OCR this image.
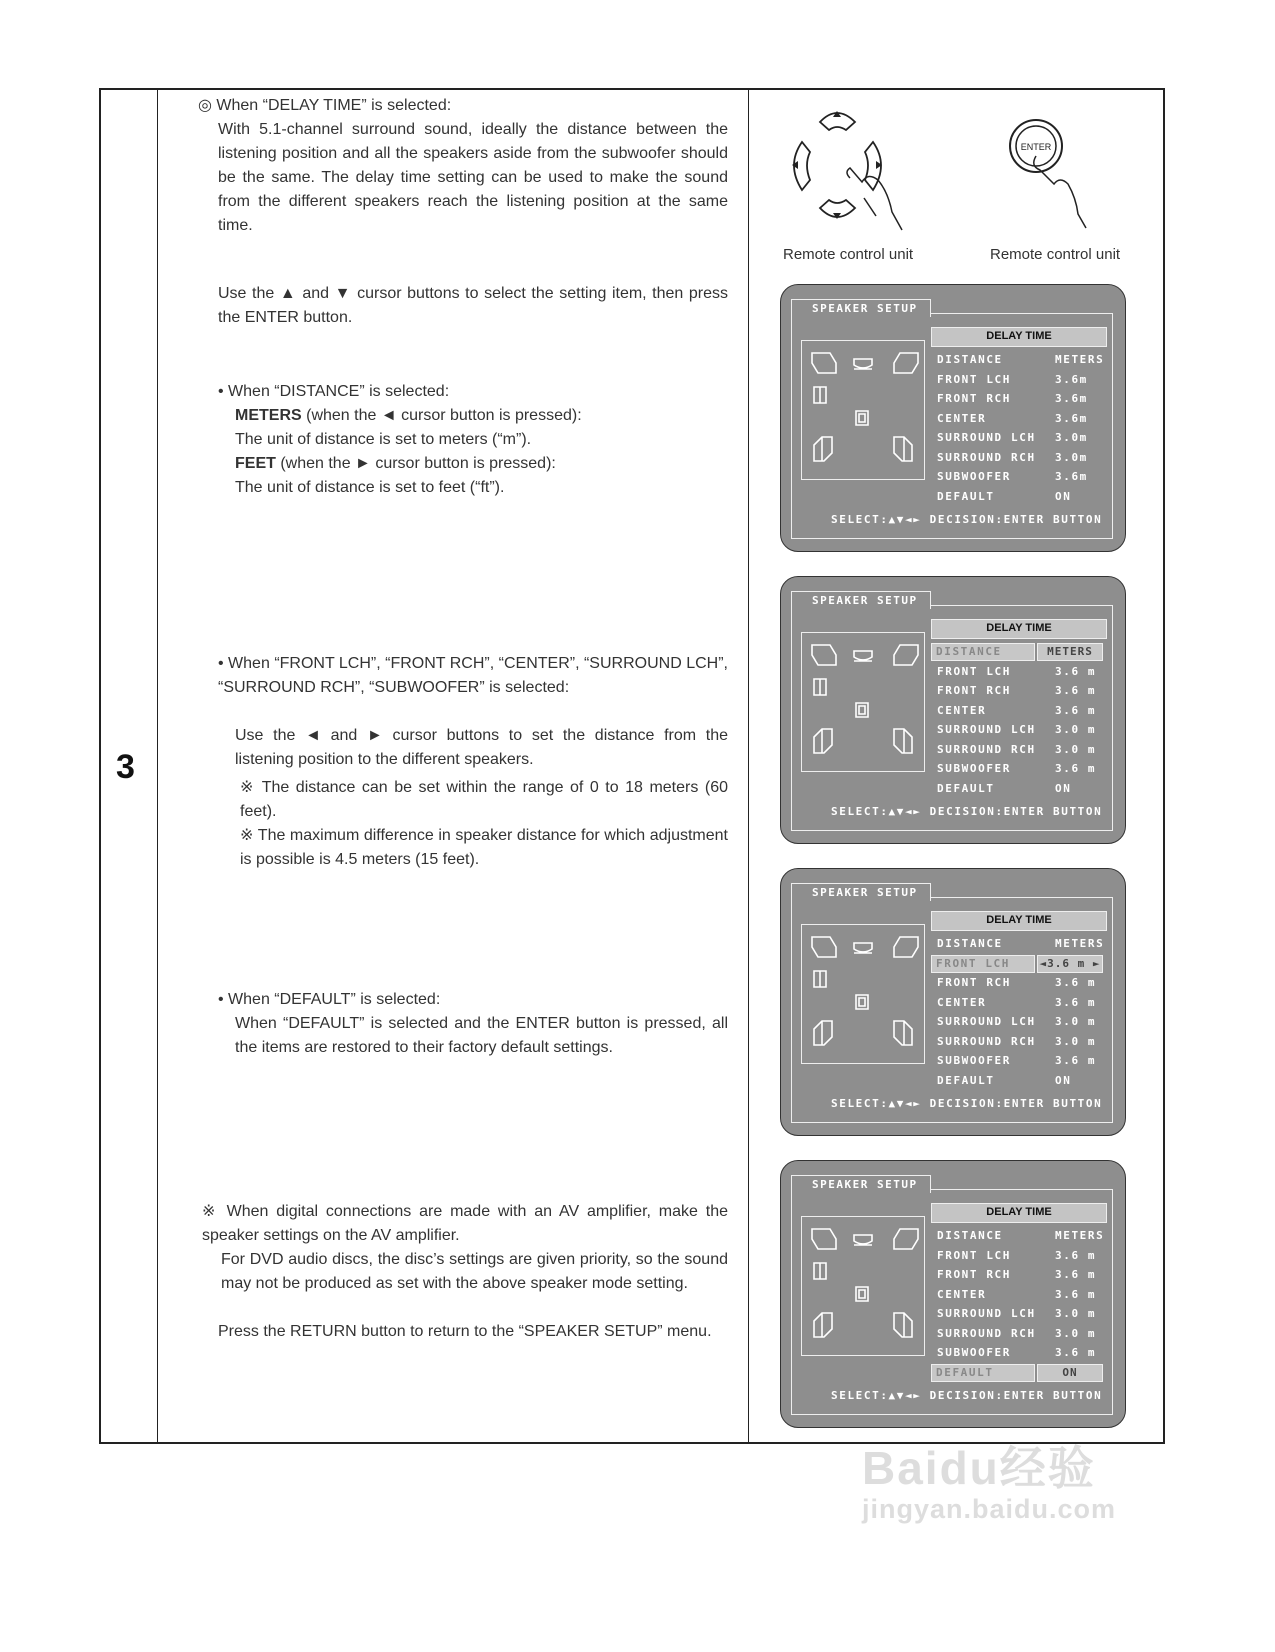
3
◎ When “DELAY TIME” is selected:
With 5.1-channel surround sound, ideally the distance between the listening position and all the speakers aside from the subwoofer should be the same. The delay time setting can be used to make the sound from the different speakers reach the listening position at the same time.
Use the ▲ and ▼ cursor buttons to select the setting item, then press the ENTER button.
• When “DISTANCE” is selected:
METERS (when the ◄ cursor button is pressed):
The unit of distance is set to meters (“m”).
FEET (when the ► cursor button is pressed):
The unit of distance is set to feet (“ft”).
• When “FRONT LCH”, “FRONT RCH”, “CENTER”, “SURROUND LCH”, “SURROUND RCH”, “SUBWOOFER” is selected:
Use the ◄ and ► cursor buttons to set the distance from the listening position to the different speakers.
※ The distance can be set within the range of 0 to 18 meters (60 feet).
※ The maximum difference in speaker distance for which adjustment is possible is 4.5 meters (15 feet).
• When “DEFAULT” is selected:
When “DEFAULT” is selected and the ENTER button is pressed, all the items are restored to their factory default settings.
※ When digital connections are made with an AV amplifier, make the speaker settings on the AV amplifier.
For DVD audio discs, the disc’s settings are given priority, so the sound may not be produced as set with the above speaker mode setting.
Press the RETURN button to return to the “SPEAKER SETUP” menu.
ENTER
Remote control unit	Remote control unit
SPEAKER SETUP
DELAY TIME
DISTANCE	METERS
FRONT LCH	3.6m
FRONT RCH	3.6m
CENTER	3.6m
SURROUND LCH 3.0m
SURROUND RCH 3.0m
SUBWOOFER	3.6m
DEFAULT	ON
SELECT:▲▼◄► DECISION:ENTER BUTTON
SPEAKER SETUP
DELAY TIME
DISTANCE	METERS
FRONT LCH	3.6 m
FRONT RCH	3.6 m
CENTER	3.6 m
SURROUND LCH 3.0 m
SURROUND RCH 3.0 m
SUBWOOFER	3.6 m
DEFAULT	ON
SELECT:▲▼◄► DECISION:ENTER BUTTON
SPEAKER SETUP
DELAY TIME
DISTANCE	METERS
FRONT LCH	◄3.6 m ►
FRONT RCH	3.6 m
CENTER	3.6 m
SURROUND LCH 3.0 m
SURROUND RCH 3.0 m
SUBWOOFER	3.6 m
DEFAULT	ON
SELECT:▲▼◄► DECISION:ENTER BUTTON
SPEAKER SETUP
DELAY TIME
DISTANCE	METERS
FRONT LCH	3.6 m
FRONT RCH	3.6 m
CENTER	3.6 m
SURROUND LCH 3.0 m
SURROUND RCH 3.0 m
SUBWOOFER	3.6 m
DEFAULT	ON
SELECT:▲▼◄► DECISION:ENTER BUTTON
Baidu经验
jingyan.baidu.com
